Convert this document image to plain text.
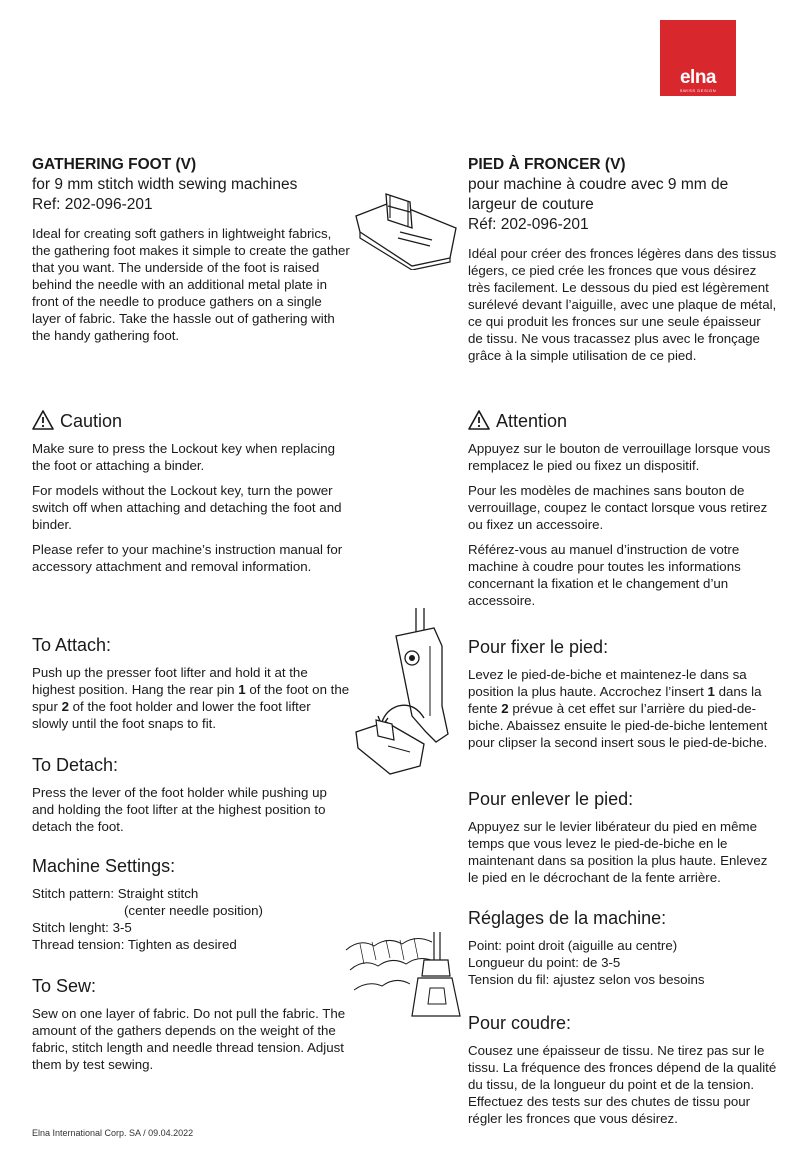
elna
SWISS DESIGN

GATHERING FOOT (V)

for 9 mm stitch width sewing machines

Ref: 202-096-201

Ideal for creating soft gathers in lightweight fabrics, the gathering foot makes it simple to create the gather that you want. The underside of the foot is raised behind the needle with an additional metal plate in front of the needle to produce gathers on a single layer of fabric. Take the hassle out of gathering with the handy gathering foot.

PIED À FRONCER (V)

pour machine à coudre avec 9 mm de largeur de couture

Réf: 202-096-201

Idéal pour créer des fronces légères dans des tissus légers, ce pied crée les fronces que vous désirez très facilement. Le dessous du pied est légèrement surélevé devant l’aiguille, avec une plaque de métal, ce qui produit les fronces sur une seule épaisseur de tissu. Ne vous tracassez plus avec le fronçage grâce à la simple utilisation de ce pied.

Caution

Make sure to press the Lockout key when replacing the foot or attaching a binder.

For models without the Lockout key, turn the power switch off when attaching and detaching the foot and binder.

Please refer to your machine’s instruction manual for accessory attachment and removal information.

Attention

Appuyez sur le bouton de verrouillage lorsque vous remplacez le pied ou fixez un dispositif.

Pour les modèles de machines sans bouton de verrouillage, coupez le contact lorsque vous retirez ou fixez un accessoire.

Référez-vous au manuel d’instruction de votre machine à coudre pour toutes les informations concernant la fixation et le changement d’un accessoire.

To Attach:

Push up the presser foot lifter and hold it at the highest position. Hang the rear pin 1 of the foot on the spur 2 of the foot holder and lower the foot lifter slowly until the foot snaps to fit.

To Detach:

Press the lever of the foot holder while pushing up and holding the foot lifter at the highest position to detach the foot.

Machine Settings:

Stitch pattern: Straight stitch

(center needle position)

Stitch lenght: 3-5

Thread tension: Tighten as desired

To Sew:

Sew on one layer of fabric. Do not pull the fabric. The amount of the gathers depends on the weight of the fabric, stitch length and needle thread tension. Adjust them by test sewing.

Pour fixer le pied:

Levez le pied-de-biche et maintenez-le dans sa position la plus haute. Accrochez l’insert 1 dans la fente 2 prévue à cet effet sur l’arrière du pied-de-biche. Abaissez ensuite le pied-de-biche lentement pour clipser la second insert sous le pied-de-biche.

Pour enlever le pied:

Appuyez sur le levier libérateur du pied en même temps que vous levez le pied-de-biche en le maintenant dans sa position la plus haute. Enlevez le pied en le décrochant de la fente arrière.

Réglages de la machine:

Point: point droit (aiguille au centre)

Longueur du point: de 3-5

Tension du fil: ajustez selon vos besoins

Pour coudre:

Cousez une épaisseur de tissu. Ne tirez pas sur le tissu. La fréquence des fronces dépend de la qualité du tissu, de la longueur du point et de la tension. Effectuez des tests sur des chutes de tissu pour régler les fronces que vous désirez.

Elna International Corp. SA / 09.04.2022
